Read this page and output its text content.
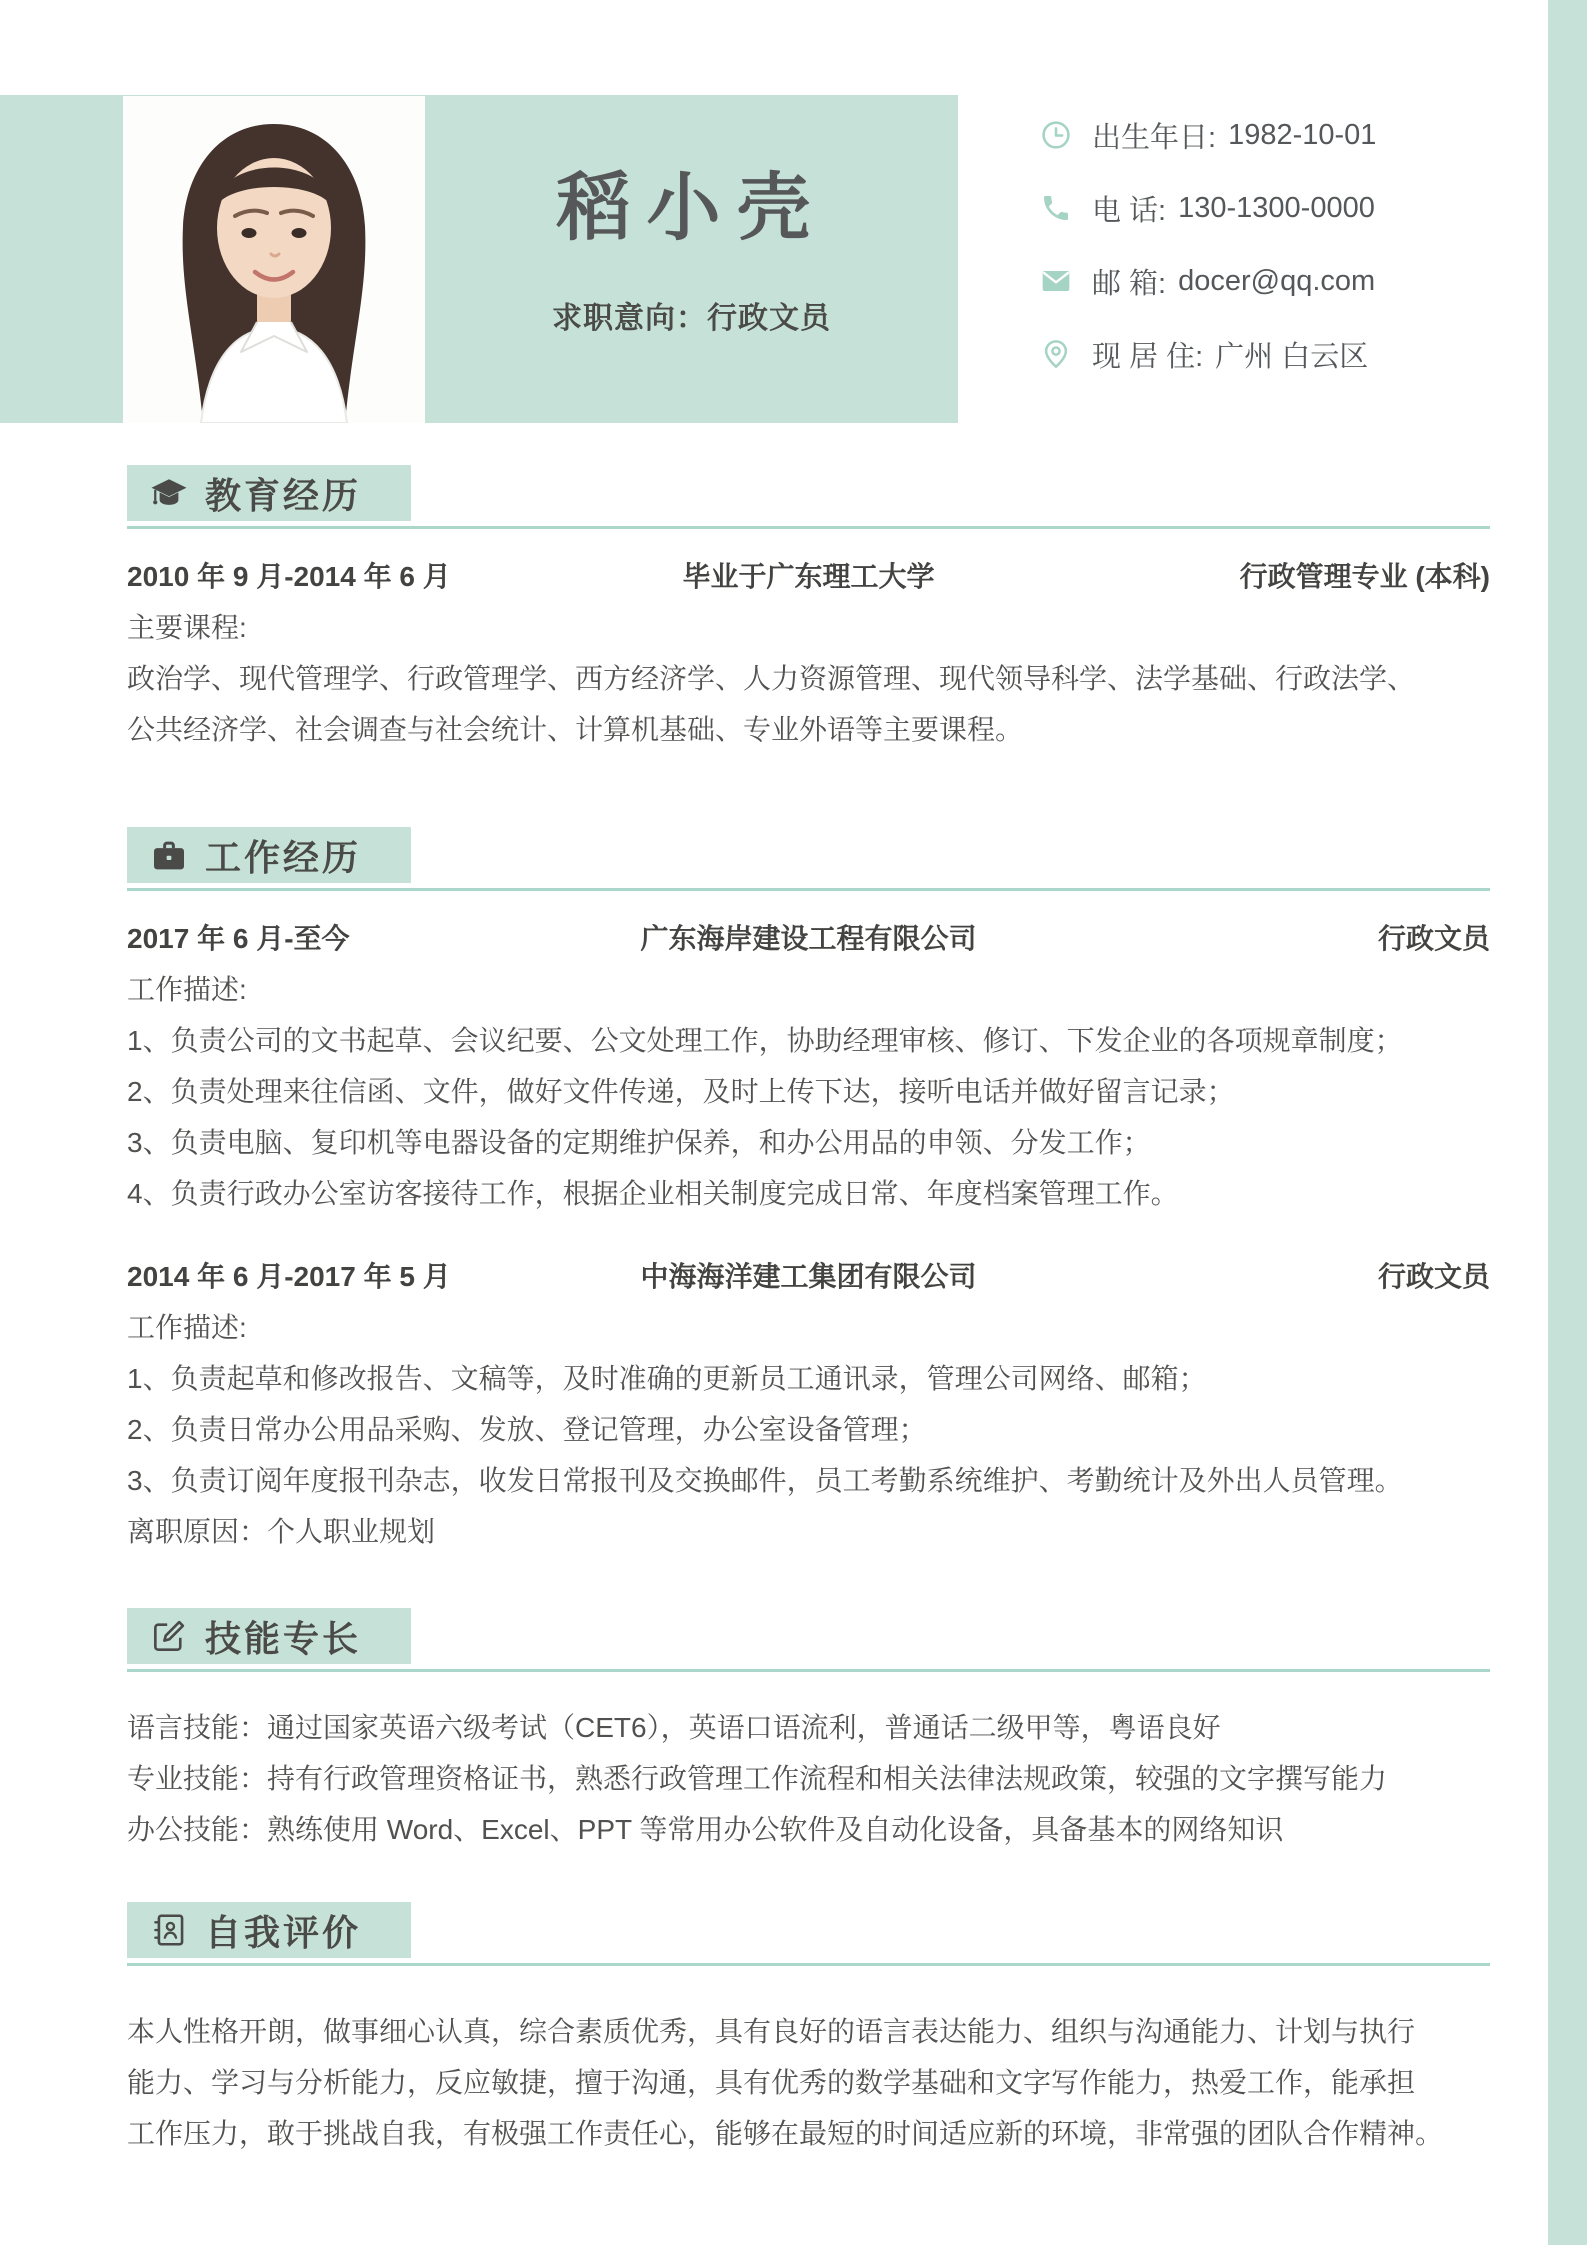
稻小壳
求职意向：行政文员
出生年日: 1982-10-01
电 话: 130-1300-0000
邮 箱: docer@qq.com
现 居 住: 广州 白云区
教育经历
2010 年 9 月-2014 年 6 月	毕业于广东理工大学	行政管理专业 (本科)
主要课程:
政治学、现代管理学、行政管理学、西方经济学、人力资源管理、现代领导科学、法学基础、行政法学、
公共经济学、社会调查与社会统计、计算机基础、专业外语等主要课程。
工作经历
2017 年 6 月-至今	广东海岸建设工程有限公司	行政文员
工作描述:
1、负责公司的文书起草、会议纪要、公文处理工作，协助经理审核、修订、下发企业的各项规章制度；
2、负责处理来往信函、文件，做好文件传递，及时上传下达，接听电话并做好留言记录；
3、负责电脑、复印机等电器设备的定期维护保养，和办公用品的申领、分发工作；
4、负责行政办公室访客接待工作，根据企业相关制度完成日常、年度档案管理工作。
2014 年 6 月-2017 年 5 月	中海海洋建工集团有限公司	行政文员
工作描述:
1、负责起草和修改报告、文稿等，及时准确的更新员工通讯录，管理公司网络、邮箱；
2、负责日常办公用品采购、发放、登记管理，办公室设备管理；
3、负责订阅年度报刊杂志，收发日常报刊及交换邮件，员工考勤系统维护、考勤统计及外出人员管理。
离职原因：个人职业规划
技能专长
语言技能：通过国家英语六级考试（CET6），英语口语流利，普通话二级甲等，粤语良好
专业技能：持有行政管理资格证书，熟悉行政管理工作流程和相关法律法规政策，较强的文字撰写能力
办公技能：熟练使用 Word、Excel、PPT 等常用办公软件及自动化设备，具备基本的网络知识
自我评价
本人性格开朗，做事细心认真，综合素质优秀，具有良好的语言表达能力、组织与沟通能力、计划与执行
能力、学习与分析能力，反应敏捷，擅于沟通，具有优秀的数学基础和文字写作能力，热爱工作，能承担
工作压力，敢于挑战自我，有极强工作责任心，能够在最短的时间适应新的环境，非常强的团队合作精神。
